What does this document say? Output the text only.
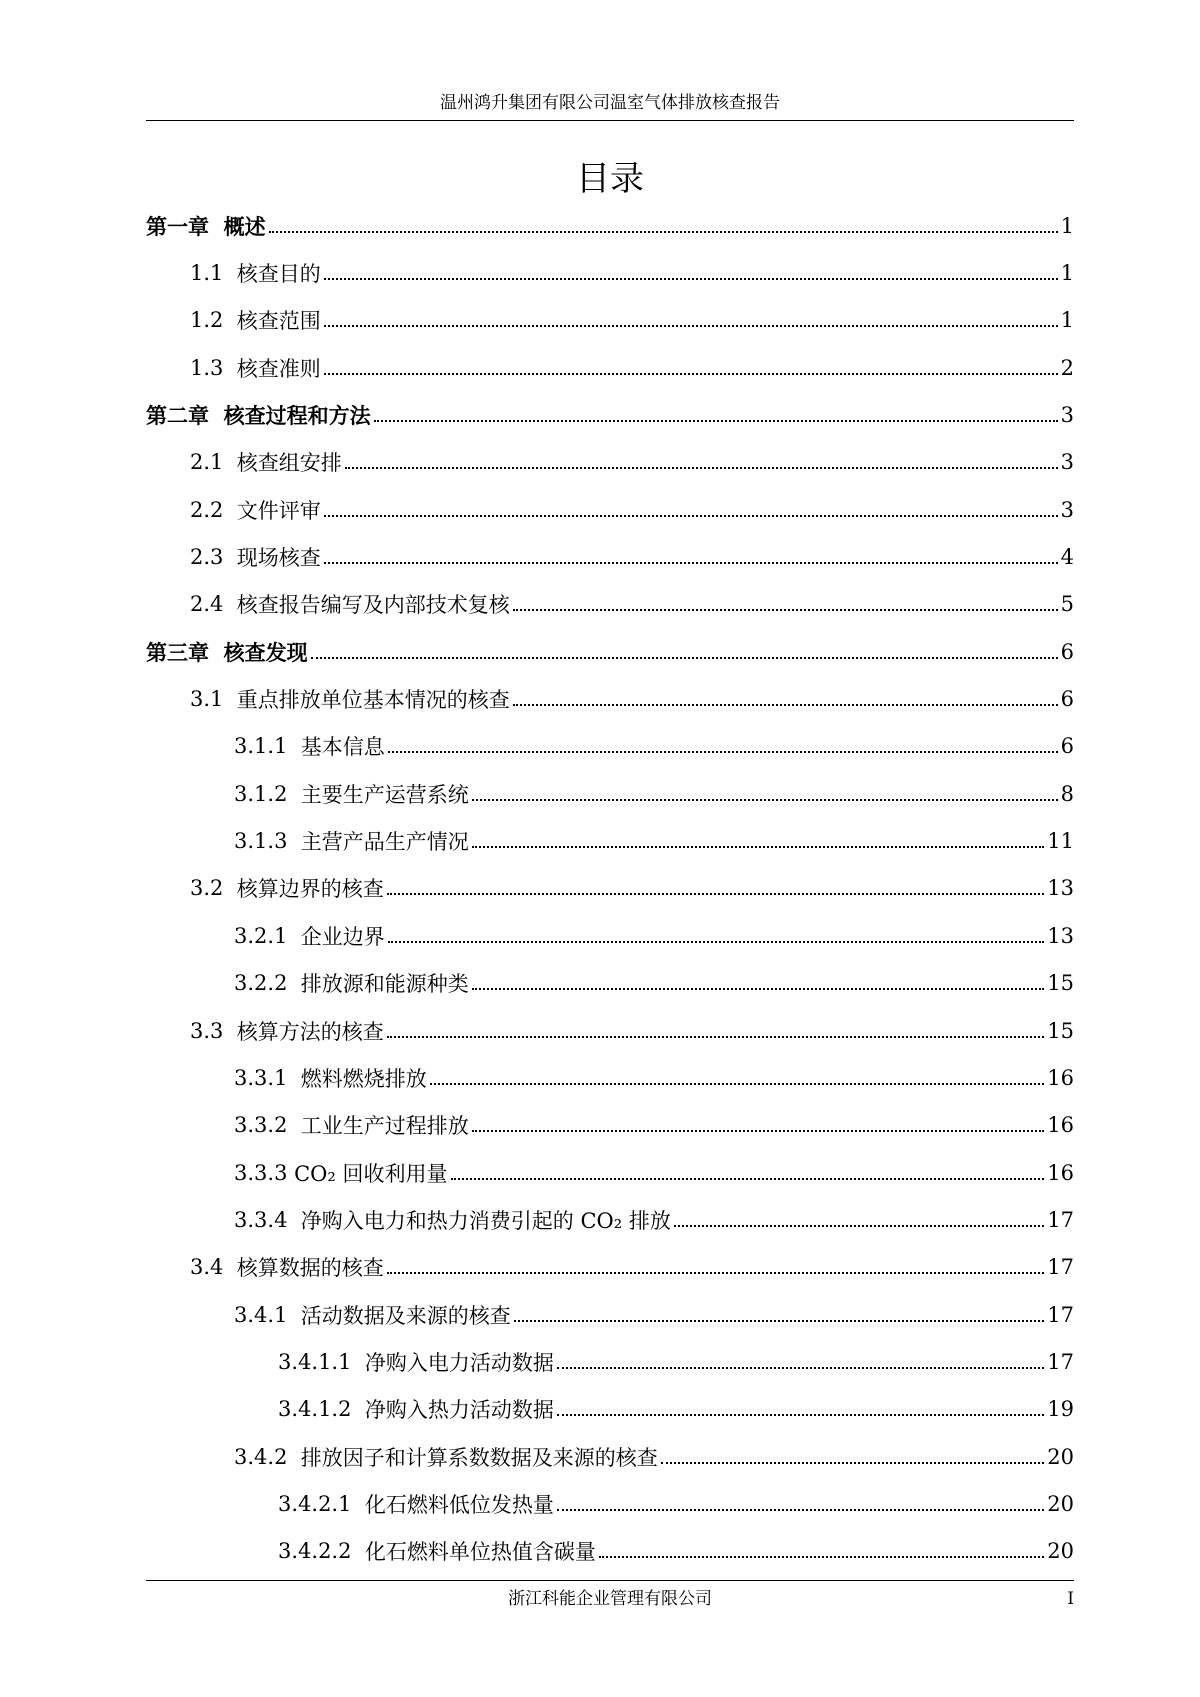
温州鸿升集团有限公司温室气体排放核查报告
目录
第一章 概述	1
1.1 核查目的	1
1.2 核查范围	1
1.3 核查准则	2
第二章 核查过程和方法	3
2.1 核查组安排	3
2.2 文件评审	3
2.3 现场核查	4
2.4 核查报告编写及内部技术复核	5
第三章 核查发现	6
3.1 重点排放单位基本情况的核查	6
3.1.1 基本信息	6
3.1.2 主要生产运营系统	8
3.1.3 主营产品生产情况	11
3.2 核算边界的核查	13
3.2.1 企业边界	13
3.2.2 排放源和能源种类	15
3.3 核算方法的核查	15
3.3.1 燃料燃烧排放	16
3.3.2 工业生产过程排放	16
3.3.3 CO₂ 回收利用量	16
3.3.4 净购入电力和热力消费引起的 CO₂ 排放	17
3.4 核算数据的核查	17
3.4.1 活动数据及来源的核查	17
3.4.1.1 净购入电力活动数据	17
3.4.1.2 净购入热力活动数据	19
3.4.2 排放因子和计算系数数据及来源的核查	20
3.4.2.1 化石燃料低位发热量	20
3.4.2.2 化石燃料单位热值含碳量	20
浙江科能企业管理有限公司	I
